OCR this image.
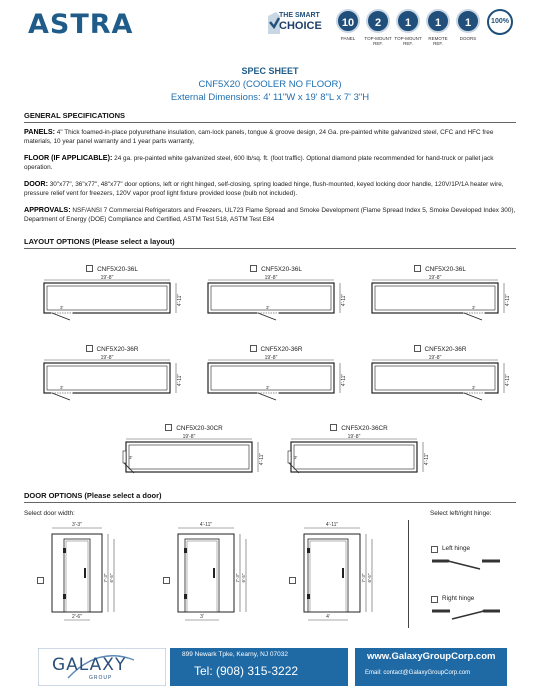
ASTRA	THE SMART
CHOICE	10
PANEL
2
TOP-MOUNT REF.
1
TOP-MOUNT REF.
1
REMOTE REF.
1
DOORS
100%
SPEC SHEET
CNF5X20 (COOLER NO FLOOR)
External Dimensions: 4' 11"W x 19' 8"L x 7' 3"H
GENERAL SPECIFICATIONS
PANELS: 4" Thick foamed-in-place polyurethane insulation, cam-lock panels, tongue & groove design, 24 Ga. pre-painted white galvanized steel, CFC and HFC free materials, 10 year panel warranty and 1 year parts warranty,
FLOOR (IF APPLICABLE): 24 ga. pre-painted white galvanized steel, 600 lb/sq. ft. (foot traffic). Optional diamond plate recommended for hand-truck or pallet jack operation.
DOOR: 30"x77", 36"x77", 48"x77" door options, left or right hinged, self-closing, spring loaded hinge, flush-mounted, keyed locking door handle, 120V/1P/1A heater wire, pressure relief vent for freezers, 120V vapor proof light fixture provided loose (bulb not included).
APPROVALS: NSF/ANSI 7 Commercial Refrigerators and Freezers, UL723 Flame Spread and Smoke Development (Flame Spread Index 5, Smoke Developed Index 300), Department of Energy (DOE) Compliance and Certified, ASTM Test 518, ASTM Test E84
LAYOUT OPTIONS (Please select a layout)
CNF5X20-36L
19'-8"
4'-11"
3'
CNF5X20-36L
19'-8"
4'-11"
3'
CNF5X20-36L
19'-8"
4'-11"
3'
CNF5X20-36R
19'-8"
4'-11"
3'
CNF5X20-36R
19'-8"
4'-11"
3'
CNF5X20-36R
19'-8"
4'-11"
3'
CNF5X20-30CR
19'-8"
4'-11"
3'
CNF5X20-36CR
19'-8"
4'-11"
3'
DOOR OPTIONS (Please select a door)
Select door width:	Select left/right hinge:
3'-3"
7'-3" 6'-5"
2'-6"
4'-11"
7'-3" 6'-5"
3'
4'-11"
7'-3" 6'-5"
4'
Left hinge
Right hinge
GALAXY
GROUP
899 Newark Tpke, Kearny, NJ 07032
Tel: (908) 315-3222
www.GalaxyGroupCorp.com
Email: contact@GalaxyGroupCorp.com
